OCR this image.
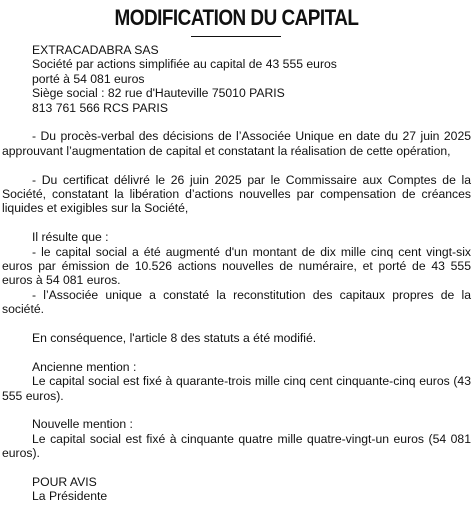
MODIFICATION DU CAPITAL
EXTRACADABRA SAS
Société par actions simplifiée au capital de 43 555 euros
porté à 54 081 euros
Siège social : 82 rue d'Hauteville 75010 PARIS
813 761 566 RCS PARIS

- Du procès-verbal des décisions de l’Associée Unique en date du 27 juin 2025 approuvant l’augmentation de capital et constatant la réalisation de cette opération,

- Du certificat délivré le 26 juin 2025 par le Commissaire aux Comptes de la Société, constatant la libération d’actions nouvelles par compensation de créances liquides et exigibles sur la Société,

Il résulte que :

- le capital social a été augmenté d'un montant de dix mille cinq cent vingt-six euros par émission de 10.526 actions nouvelles de numéraire, et porté de 43 555 euros à 54 081 euros.

- l’Associée unique a constaté la reconstitution des capitaux propres de la société.

En conséquence, l'article 8 des statuts a été modifié.

Ancienne mention :

Le capital social est fixé à quarante-trois mille cinq cent cinquante-cinq euros (43 555 euros).

Nouvelle mention :

Le capital social est fixé à cinquante quatre mille quatre-vingt-un euros (54 081 euros).

POUR AVIS
La Présidente
